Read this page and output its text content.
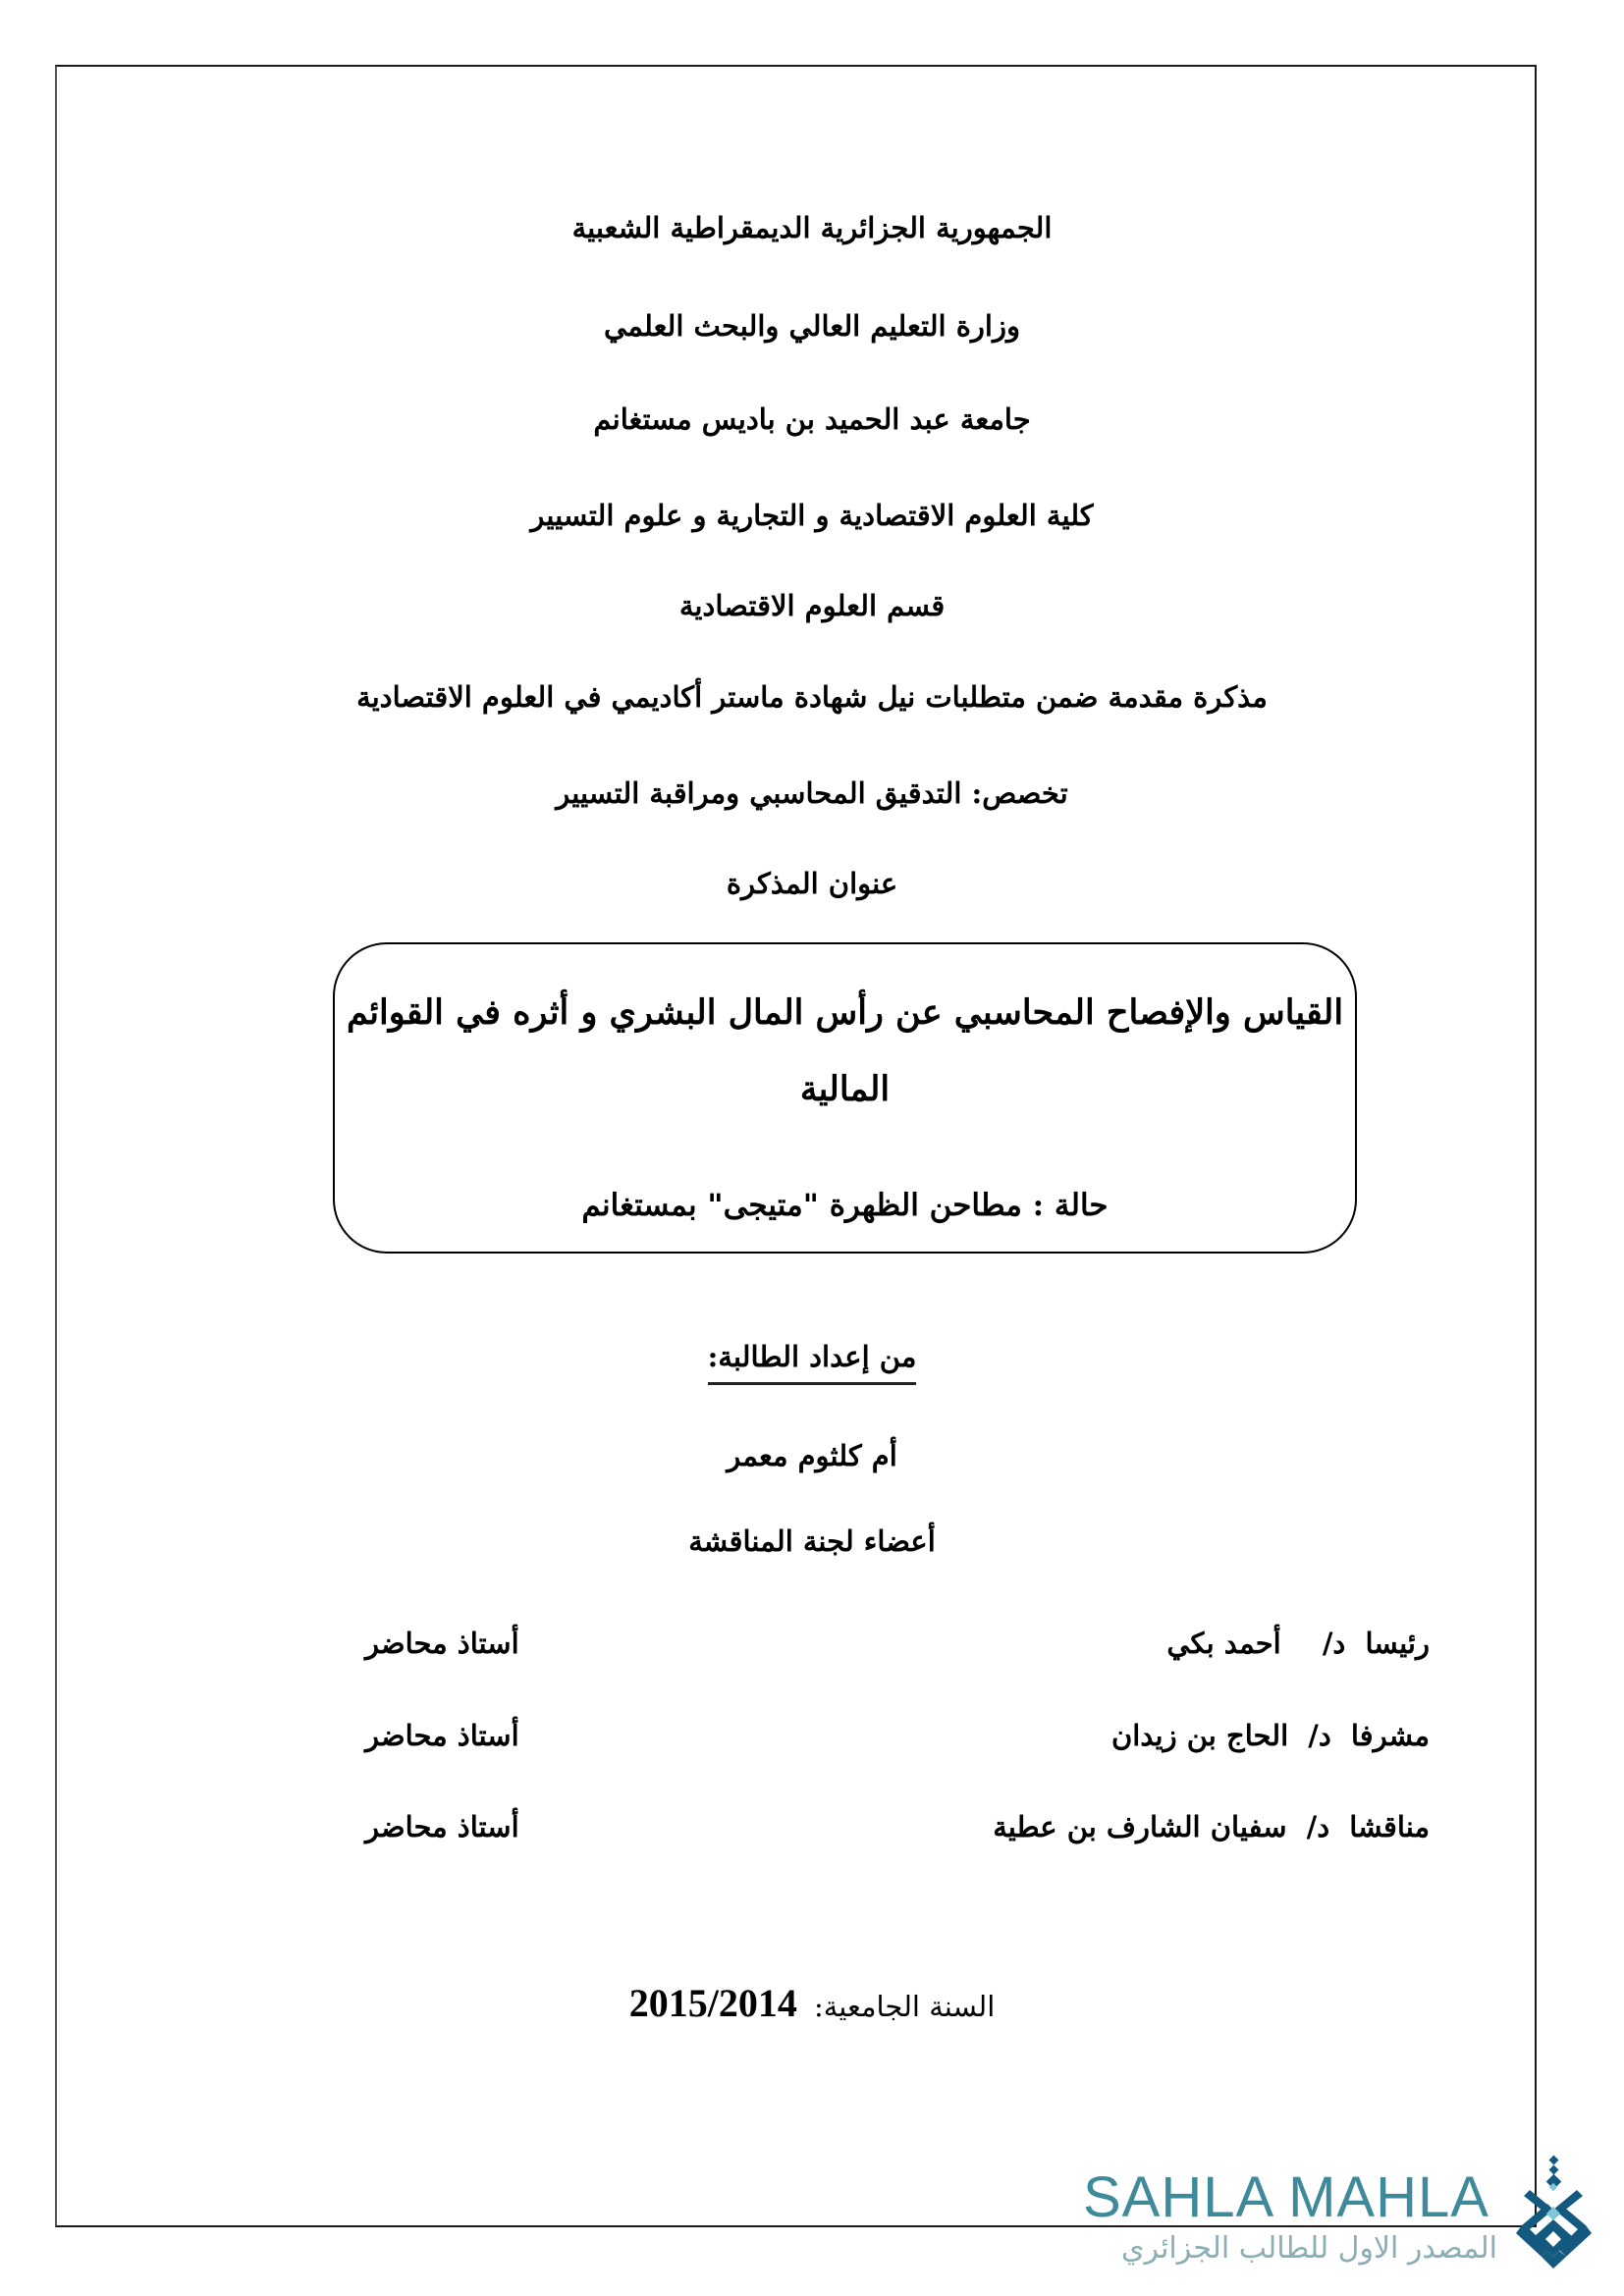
الجمهورية الجزائرية الديمقراطية الشعبية
وزارة التعليم العالي والبحث العلمي
جامعة عبد الحميد بن باديس مستغانم
كلية العلوم الاقتصادية و التجارية و علوم التسيير
قسم العلوم الاقتصادية
مذكرة مقدمة ضمن متطلبات نيل شهادة ماستر أكاديمي في العلوم الاقتصادية
تخصص: التدقيق المحاسبي ومراقبة التسيير
عنوان المذكرة
القياس والإفصاح المحاسبي عن رأس المال البشري و أثره في القوائم
المالية
حالة : مطاحن الظهرة "متيجى" بمستغانم
من إعداد الطالبة:
أم كلثوم معمر
أعضاء لجنة المناقشة
رئيسا د/ أحمد بكي
أستاذ محاضر
مشرفا د/ الحاج بن زيدان
أستاذ محاضر
مناقشا د/ سفيان الشارف بن عطية
أستاذ محاضر
السنة الجامعية: 2015/2014
SAHLA MAHLA
المصدر الاول للطالب الجزائري
